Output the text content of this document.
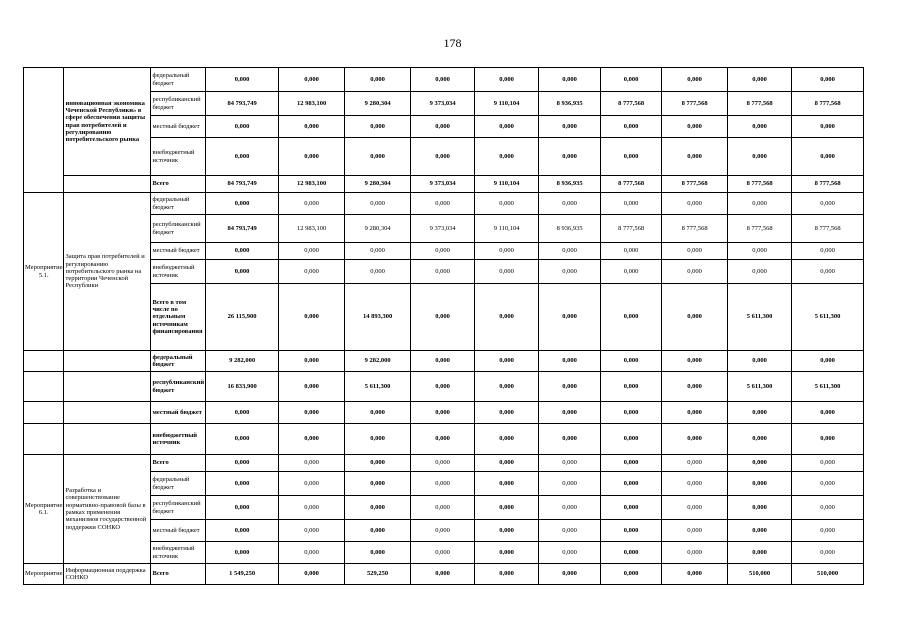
178
	инновационная экономика Чеченской Республики» в сфере обеспечения защиты прав потребителей и регулированию потребительского рынка	федеральный бюджет	0,000	0,000	0,000	0,000	0,000	0,000	0,000	0,000	0,000	0,000
		республиканский бюджет	84 793,749	12 983,100	9 280,304	9 373,034	9 110,104	8 936,935	8 777,568	8 777,568	8 777,568	8 777,568
		местный бюджет	0,000	0,000	0,000	0,000	0,000	0,000	0,000	0,000	0,000	0,000
		внебюджетный источник	0,000	0,000	0,000	0,000	0,000	0,000	0,000	0,000	0,000	0,000
		Всего	84 793,749	12 983,100	9 280,304	9 373,034	9 110,104	8 936,935	8 777,568	8 777,568	8 777,568	8 777,568
Мероприятие 5.1.	Защита прав потребителей и регулированию потребительского рынка на территории Чеченской Республики	федеральный бюджет	0,000	0,000	0,000	0,000	0,000	0,000	0,000	0,000	0,000	0,000
		республиканский бюджет	84 793,749	12 983,100	9 280,304	9 373,034	9 110,104	8 936,935	8 777,568	8 777,568	8 777,568	8 777,568
		местный бюджет	0,000	0,000	0,000	0,000	0,000	0,000	0,000	0,000	0,000	0,000
		внебюджетный источник	0,000	0,000	0,000	0,000	0,000	0,000	0,000	0,000	0,000	0,000
		Всего в том числе по отдельным источникам финансирования	26 115,900	0,000	14 893,300	0,000	0,000	0,000	0,000	0,000	5 611,300	5 611,300
		федеральный бюджет	9 282,000	0,000	9 282,000	0,000	0,000	0,000	0,000	0,000	0,000	0,000
		республиканский бюджет	16 833,900	0,000	5 611,300	0,000	0,000	0,000	0,000	0,000	5 611,300	5 611,300
		местный бюджет	0,000	0,000	0,000	0,000	0,000	0,000	0,000	0,000	0,000	0,000
		внебюджетный источник	0,000	0,000	0,000	0,000	0,000	0,000	0,000	0,000	0,000	0,000
Мероприятие 6.1.	Разработка и совершенствование нормативно-правовой базы в рамках применения механизмов государственной поддержки СОНКО	Всего	0,000	0,000	0,000	0,000	0,000	0,000	0,000	0,000	0,000	0,000
		федеральный бюджет	0,000	0,000	0,000	0,000	0,000	0,000	0,000	0,000	0,000	0,000
		республиканский бюджет	0,000	0,000	0,000	0,000	0,000	0,000	0,000	0,000	0,000	0,000
		местный бюджет	0,000	0,000	0,000	0,000	0,000	0,000	0,000	0,000	0,000	0,000
		внебюджетный источник	0,000	0,000	0,000	0,000	0,000	0,000	0,000	0,000	0,000	0,000
Мероприятие	Информационная поддержка СОНКО	Всего	1 549,250	0,000	529,250	0,000	0,000	0,000	0,000	0,000	510,000	510,000
